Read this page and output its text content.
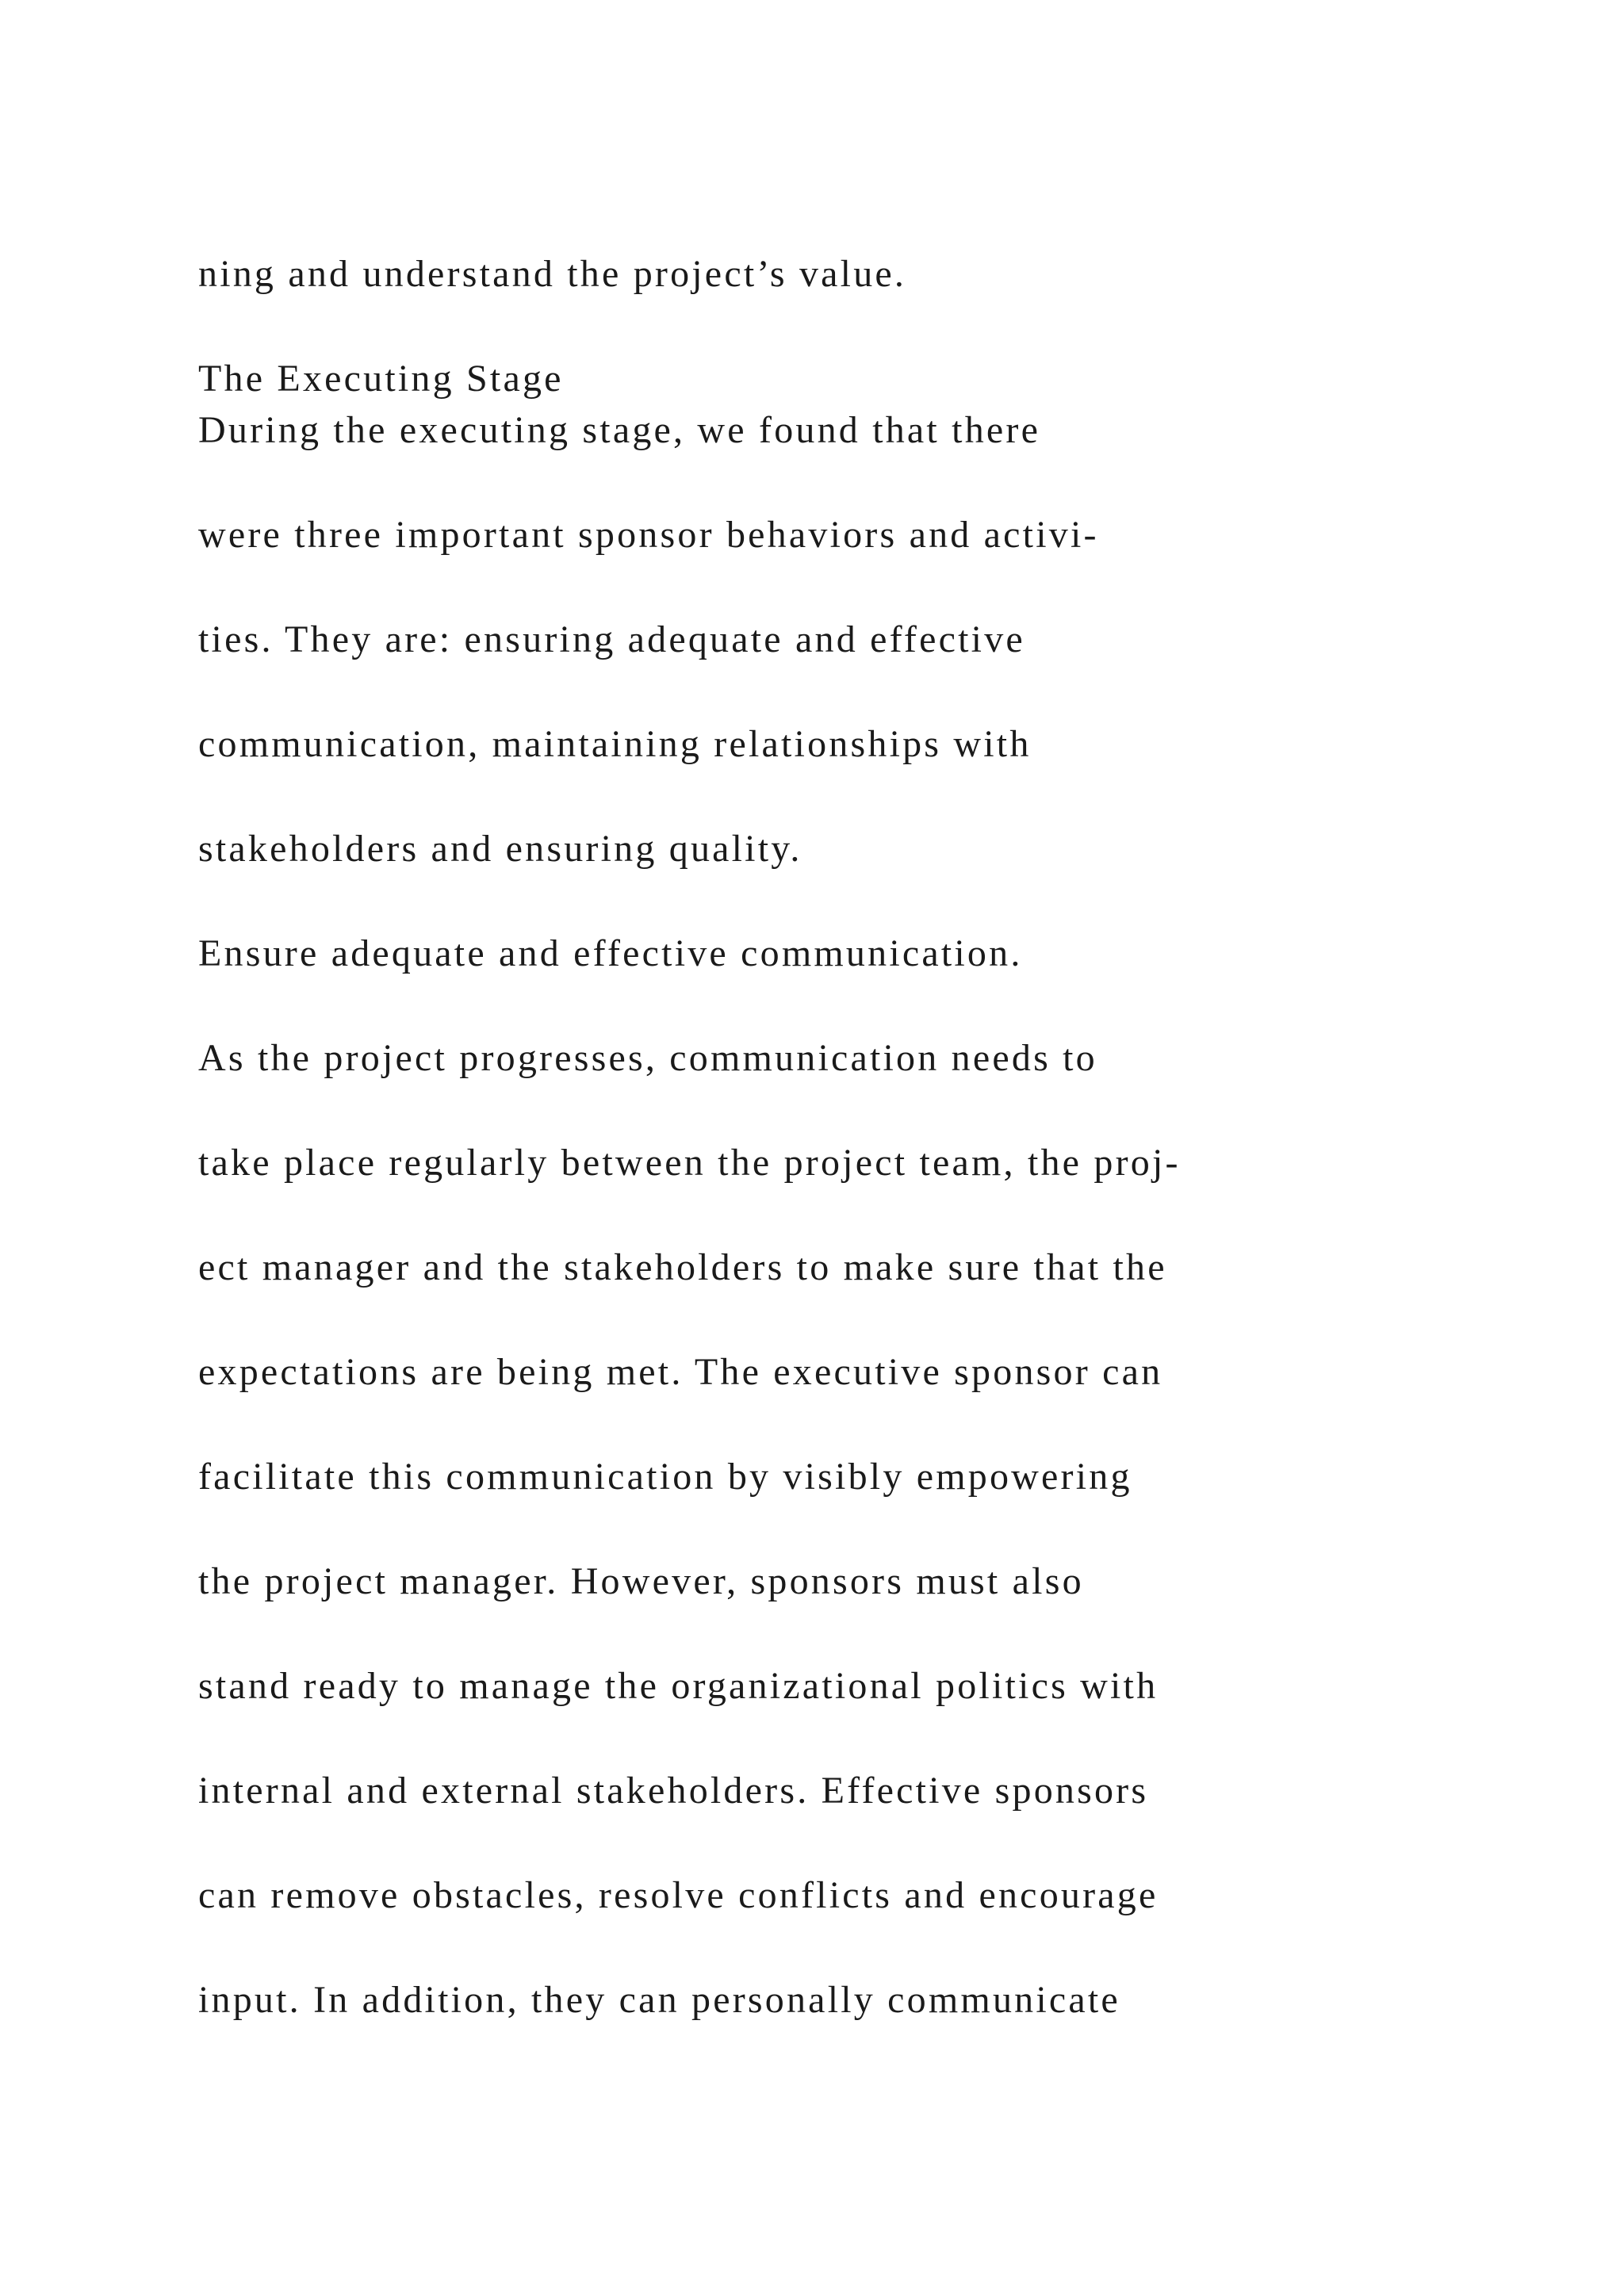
ning and understand the project’s value.

The Executing Stage

During the executing stage, we found that there

were three important sponsor behaviors and activi-

ties. They are: ensuring adequate and effective

communication, maintaining relationships with

stakeholders and ensuring quality.

Ensure adequate and effective communication.

As the project progresses, communication needs to

take place regularly between the project team, the proj-

ect manager and the stakeholders to make sure that the

expectations are being met. The executive sponsor can

facilitate this communication by visibly empowering

the project manager. However, sponsors must also

stand ready to manage the organizational politics with

internal and external stakeholders. Effective sponsors

can remove obstacles, resolve conflicts and encourage

input. In addition, they can personally communicate
